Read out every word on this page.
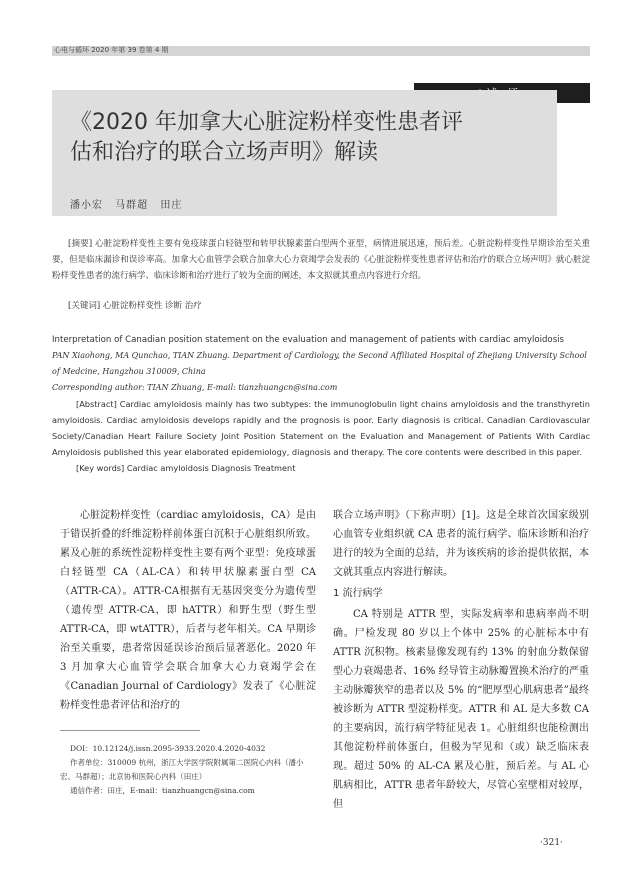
心电与循环 2020 年第 39 卷第 4 期
《2020 年加拿大心脏淀粉样变性患者评估和治疗的联合立场声明》解读
潘小宏 马群超 田庄

[摘要] 心脏淀粉样变性主要有免疫球蛋白轻链型和转甲状腺素蛋白型两个亚型，病情进展迅速，预后差。心脏淀粉样变性早期诊治至关重要，但是临床漏诊和误诊率高。加拿大心血管学会联合加拿大心力衰竭学会发表的《心脏淀粉样变性患者评估和治疗的联合立场声明》就心脏淀粉样变性患者的流行病学、临床诊断和治疗进行了较为全面的阐述，本文拟就其重点内容进行介绍。

[关键词] 心脏淀粉样变性 诊断 治疗

Interpretation of Canadian position statement on the evaluation and management of patients with cardiac amyloidosis

PAN Xiaohong, MA Qunchao, TIAN Zhuang. Department of Cardiology, the Second Affiliated Hospital of Zhejiang University School of Medcine, Hangzhou 310009, China

Corresponding author: TIAN Zhuang, E-mail: tianzhuangcn@sina.com

[Abstract] Cardiac amyloidosis mainly has two subtypes: the immunoglobulin light chains amyloidosis and the transthyretin amyloidosis. Cardiac amyloidosis develops rapidly and the prognosis is poor. Early diagnosis is critical. Canadian Cardiovascular Society/Canadian Heart Failure Society Joint Position Statement on the Evaluation and Management of Patients With Cardiac Amyloidosis published this year elaborated epidemiology, diagnosis and therapy. The core contents were described in this paper.

[Key words] Cardiac amyloidosis Diagnosis Treatment

心脏淀粉样变性（cardiac amyloidosis，CA）是由于错误折叠的纤维淀粉样前体蛋白沉积于心脏组织所致。累及心脏的系统性淀粉样变性主要有两个亚型：免疫球蛋白轻链型 CA（AL-CA）和转甲状腺素蛋白型 CA（ATTR-CA）。ATTR-CA根据有无基因突变分为遗传型（遗传型 ATTR-CA，即 hATTR）和野生型（野生型 ATTR-CA，即 wtATTR），后者与老年相关。CA 早期诊治至关重要，患者常因延误诊治预后显著恶化。2020 年 3 月加拿大心血管学会联合加拿大心力衰竭学会在《Canadian Journal of Cardiology》发表了《心脏淀粉样变性患者评估和治疗的

DOI：10.12124/j.issn.2095-3933.2020.4.2020-4032

作者单位：310009 杭州，浙江大学医学院附属第二医院心内科（潘小宏、马群超）；北京协和医院心内科（田庄）

通信作者：田庄，E-mail：tianzhuangcn@sina.com

联合立场声明》（下称声明）[1]。这是全球首次国家级别心血管专业组织就 CA 患者的流行病学、临床诊断和治疗进行的较为全面的总结，并为该疾病的诊治提供依据，本文就其重点内容进行解读。

1 流行病学

CA 特别是 ATTR 型，实际发病率和患病率尚不明确。尸检发现 80 岁以上个体中 25% 的心脏标本中有 ATTR 沉积物。核素显像发现有约 13% 的射血分数保留型心力衰竭患者、16% 经导管主动脉瓣置换术治疗的严重主动脉瓣狭窄的患者以及 5% 的“肥厚型心肌病患者”最终被诊断为 ATTR 型淀粉样变。ATTR 和 AL 是大多数 CA 的主要病因，流行病学特征见表 1。心脏组织也能检测出其他淀粉样前体蛋白，但极为罕见和（或）缺乏临床表现。超过 50% 的 AL-CA 累及心脏，预后差。与 AL 心肌病相比，ATTR 患者年龄较大，尽管心室壁相对较厚，但

·321·
